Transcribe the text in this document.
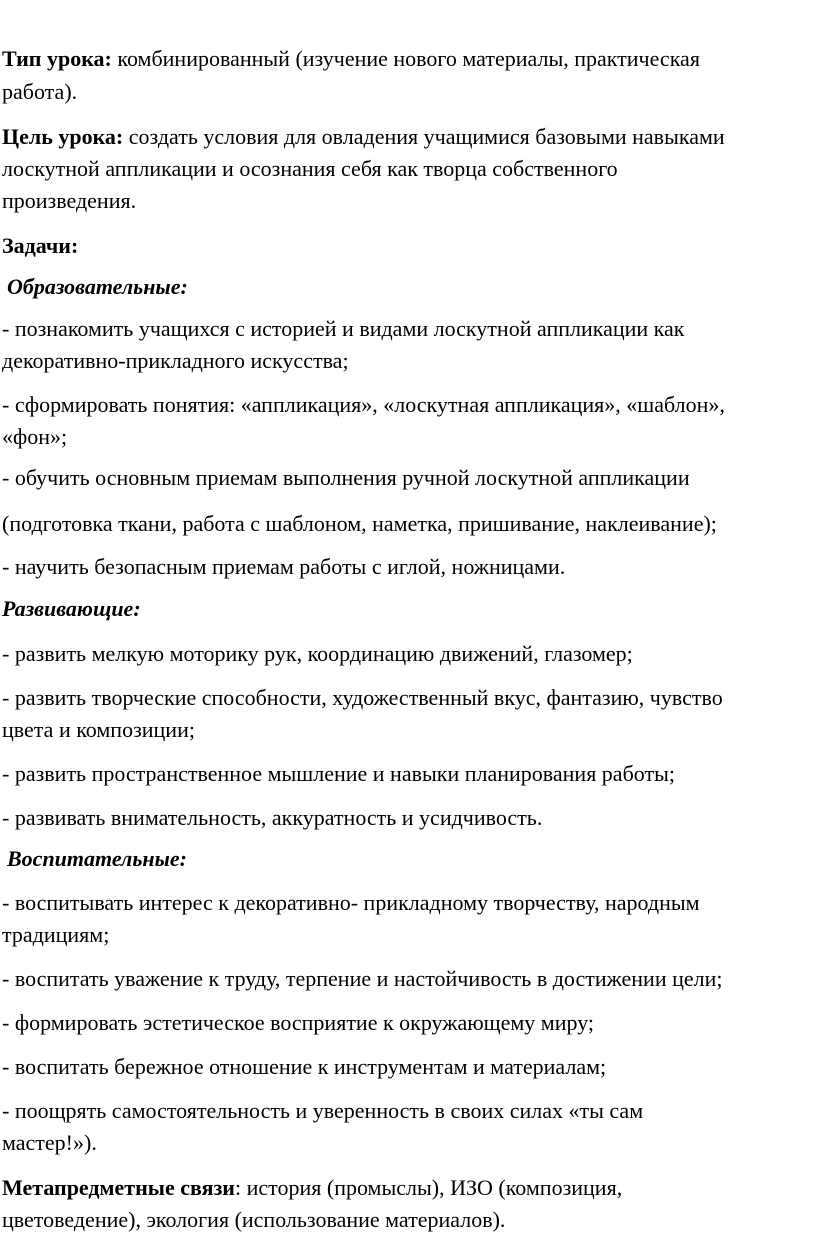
Тип урока: комбинированный (изучение нового материалы, практическая
работа).
Цель урока: создать условия для овладения учащимися базовыми навыками
лоскутной аппликации и осознания себя как творца собственного
произведения.
Задачи:
Образовательные:
- познакомить учащихся с историей и видами лоскутной аппликации как
декоративно-прикладного искусства;
- сформировать понятия: «аппликация», «лоскутная аппликация», «шаблон»,
«фон»;
- обучить основным приемам выполнения ручной лоскутной аппликации
(подготовка ткани, работа с шаблоном, наметка, пришивание, наклеивание);
- научить безопасным приемам работы с иглой, ножницами.
Развивающие:
- развить мелкую моторику рук, координацию движений, глазомер;
- развить творческие способности, художественный вкус, фантазию, чувство
цвета и композиции;
- развить пространственное мышление и навыки планирования работы;
- развивать внимательность, аккуратность и усидчивость.
Воспитательные:
- воспитывать интерес к декоративно- прикладному творчеству, народным
традициям;
- воспитать уважение к труду, терпение и настойчивость в достижении цели;
- формировать эстетическое восприятие к окружающему миру;
- воспитать бережное отношение к инструментам и материалам;
- поощрять самостоятельность и уверенность в своих силах «ты сам
мастер!»).
Метапредметные связи: история (промыслы), ИЗО (композиция,
цветоведение), экология (использование материалов).
